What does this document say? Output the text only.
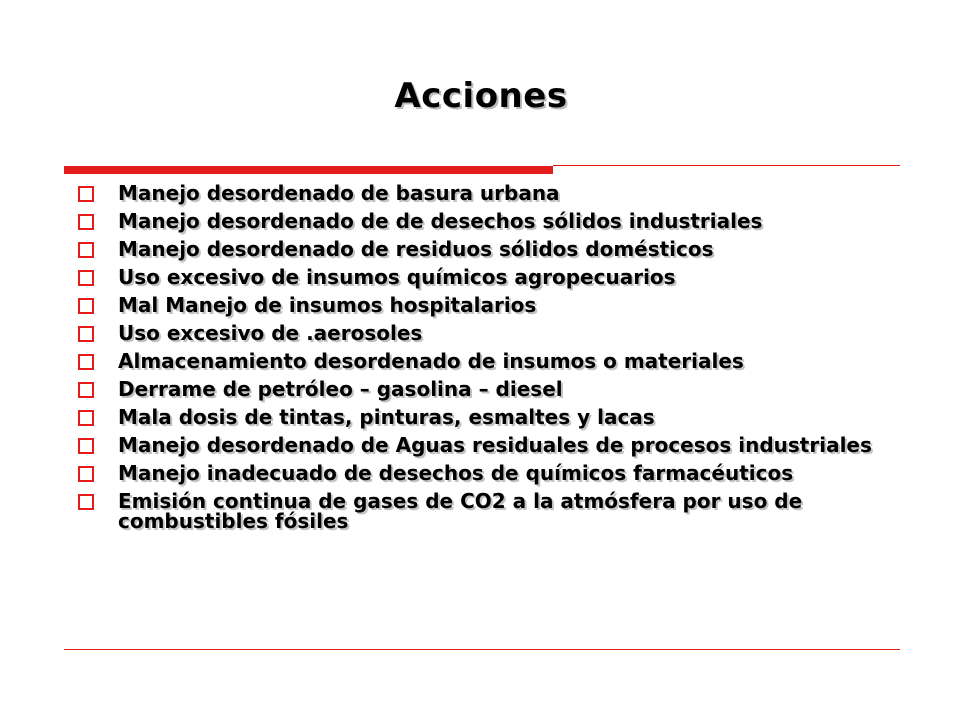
Acciones
Manejo desordenado de basura urbana
Manejo desordenado de de desechos sólidos industriales
Manejo desordenado de residuos sólidos domésticos
Uso excesivo de insumos químicos agropecuarios
Mal Manejo de insumos hospitalarios
Uso excesivo de .aerosoles
Almacenamiento desordenado de insumos o materiales
Derrame de petróleo – gasolina – diesel
Mala dosis de tintas, pinturas, esmaltes y lacas
Manejo desordenado de Aguas residuales de procesos industriales
Manejo inadecuado de desechos de químicos farmacéuticos
Emisión continua de gases de CO2 a la atmósfera por uso de combustibles fósiles
